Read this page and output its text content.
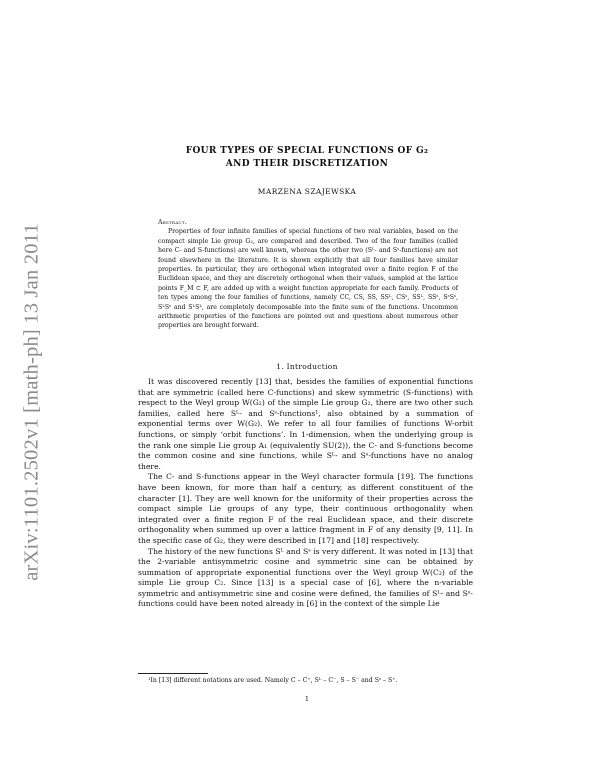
arXiv:1101.2502v1 [math-ph] 13 Jan 2011
FOUR TYPES OF SPECIAL FUNCTIONS OF G₂
AND THEIR DISCRETIZATION
MARZENA SZAJEWSKA

Abstract.

Properties of four infinite families of special functions of two real variables, based on the compact simple Lie group G₂, are compared and described. Two of the four families (called here C- and S-functions) are well known, whereas the other two (Sᴸ- and Sˢ-functions) are not found elsewhere in the literature. It is shown explicitly that all four families have similar properties. In particular, they are orthogonal when integrated over a finite region F of the Euclidean space, and they are discretely orthogonal when their values, sampled at the lattice points F_M ⊂ F, are added up with a weight function appropriate for each family. Products of ten types among the four families of functions, namely CC, CS, SS, SSᴸ, CSˢ, SSᴸ, SSˢ, SˢSˢ, SᴸSˢ and SᴸSᴸ, are completely decomposable into the finite sum of the functions. Uncommon arithmetic properties of the functions are pointed out and questions about numerous other properties are brought forward.

1. Introduction

It was discovered recently [13] that, besides the families of exponential functions that are symmetric (called here C-functions) and skew symmetric (S-functions) with respect to the Weyl group W(G₂) of the simple Lie group G₂, there are two other such families, called here Sᴸ- and Sˢ-functions¹, also obtained by a summation of exponential terms over W(G₂). We refer to all four families of functions W-orbit functions, or simply ‘orbit functions’. In 1-dimension, when the underlying group is the rank one simple Lie group A₁ (equivalently SU(2)), the C- and S-functions become the common cosine and sine functions, while Sᴸ- and Sˢ-functions have no analog there.

The C- and S-functions appear in the Weyl character formula [19]. The functions have been known, for more than half a century, as different constituent of the character [1]. They are well known for the uniformity of their properties across the compact simple Lie groups of any type, their continuous orthogonality when integrated over a finite region F of the real Euclidean space, and their discrete orthogonality when summed up over a lattice fragment in F of any density [9, 11]. In the specific case of G₂, they were described in [17] and [18] respectively.

The history of the new functions Sᴸ and Sˢ is very different. It was noted in [13] that the 2-variable antisymmetric cosine and symmetric sine can be obtained by summation of appropriate exponential functions over the Weyl group W(C₂) of the simple Lie group C₂. Since [13] is a special case of [6], where the n-variable symmetric and antisymmetric sine and cosine were defined, the families of Sᴸ- and Sˢ-functions could have been noted already in [6] in the context of the simple Lie

¹In [13] different notations are used. Namely C – C⁺, Sᴸ – C⁻, S – S⁻ and Sˢ – S⁺.
1
